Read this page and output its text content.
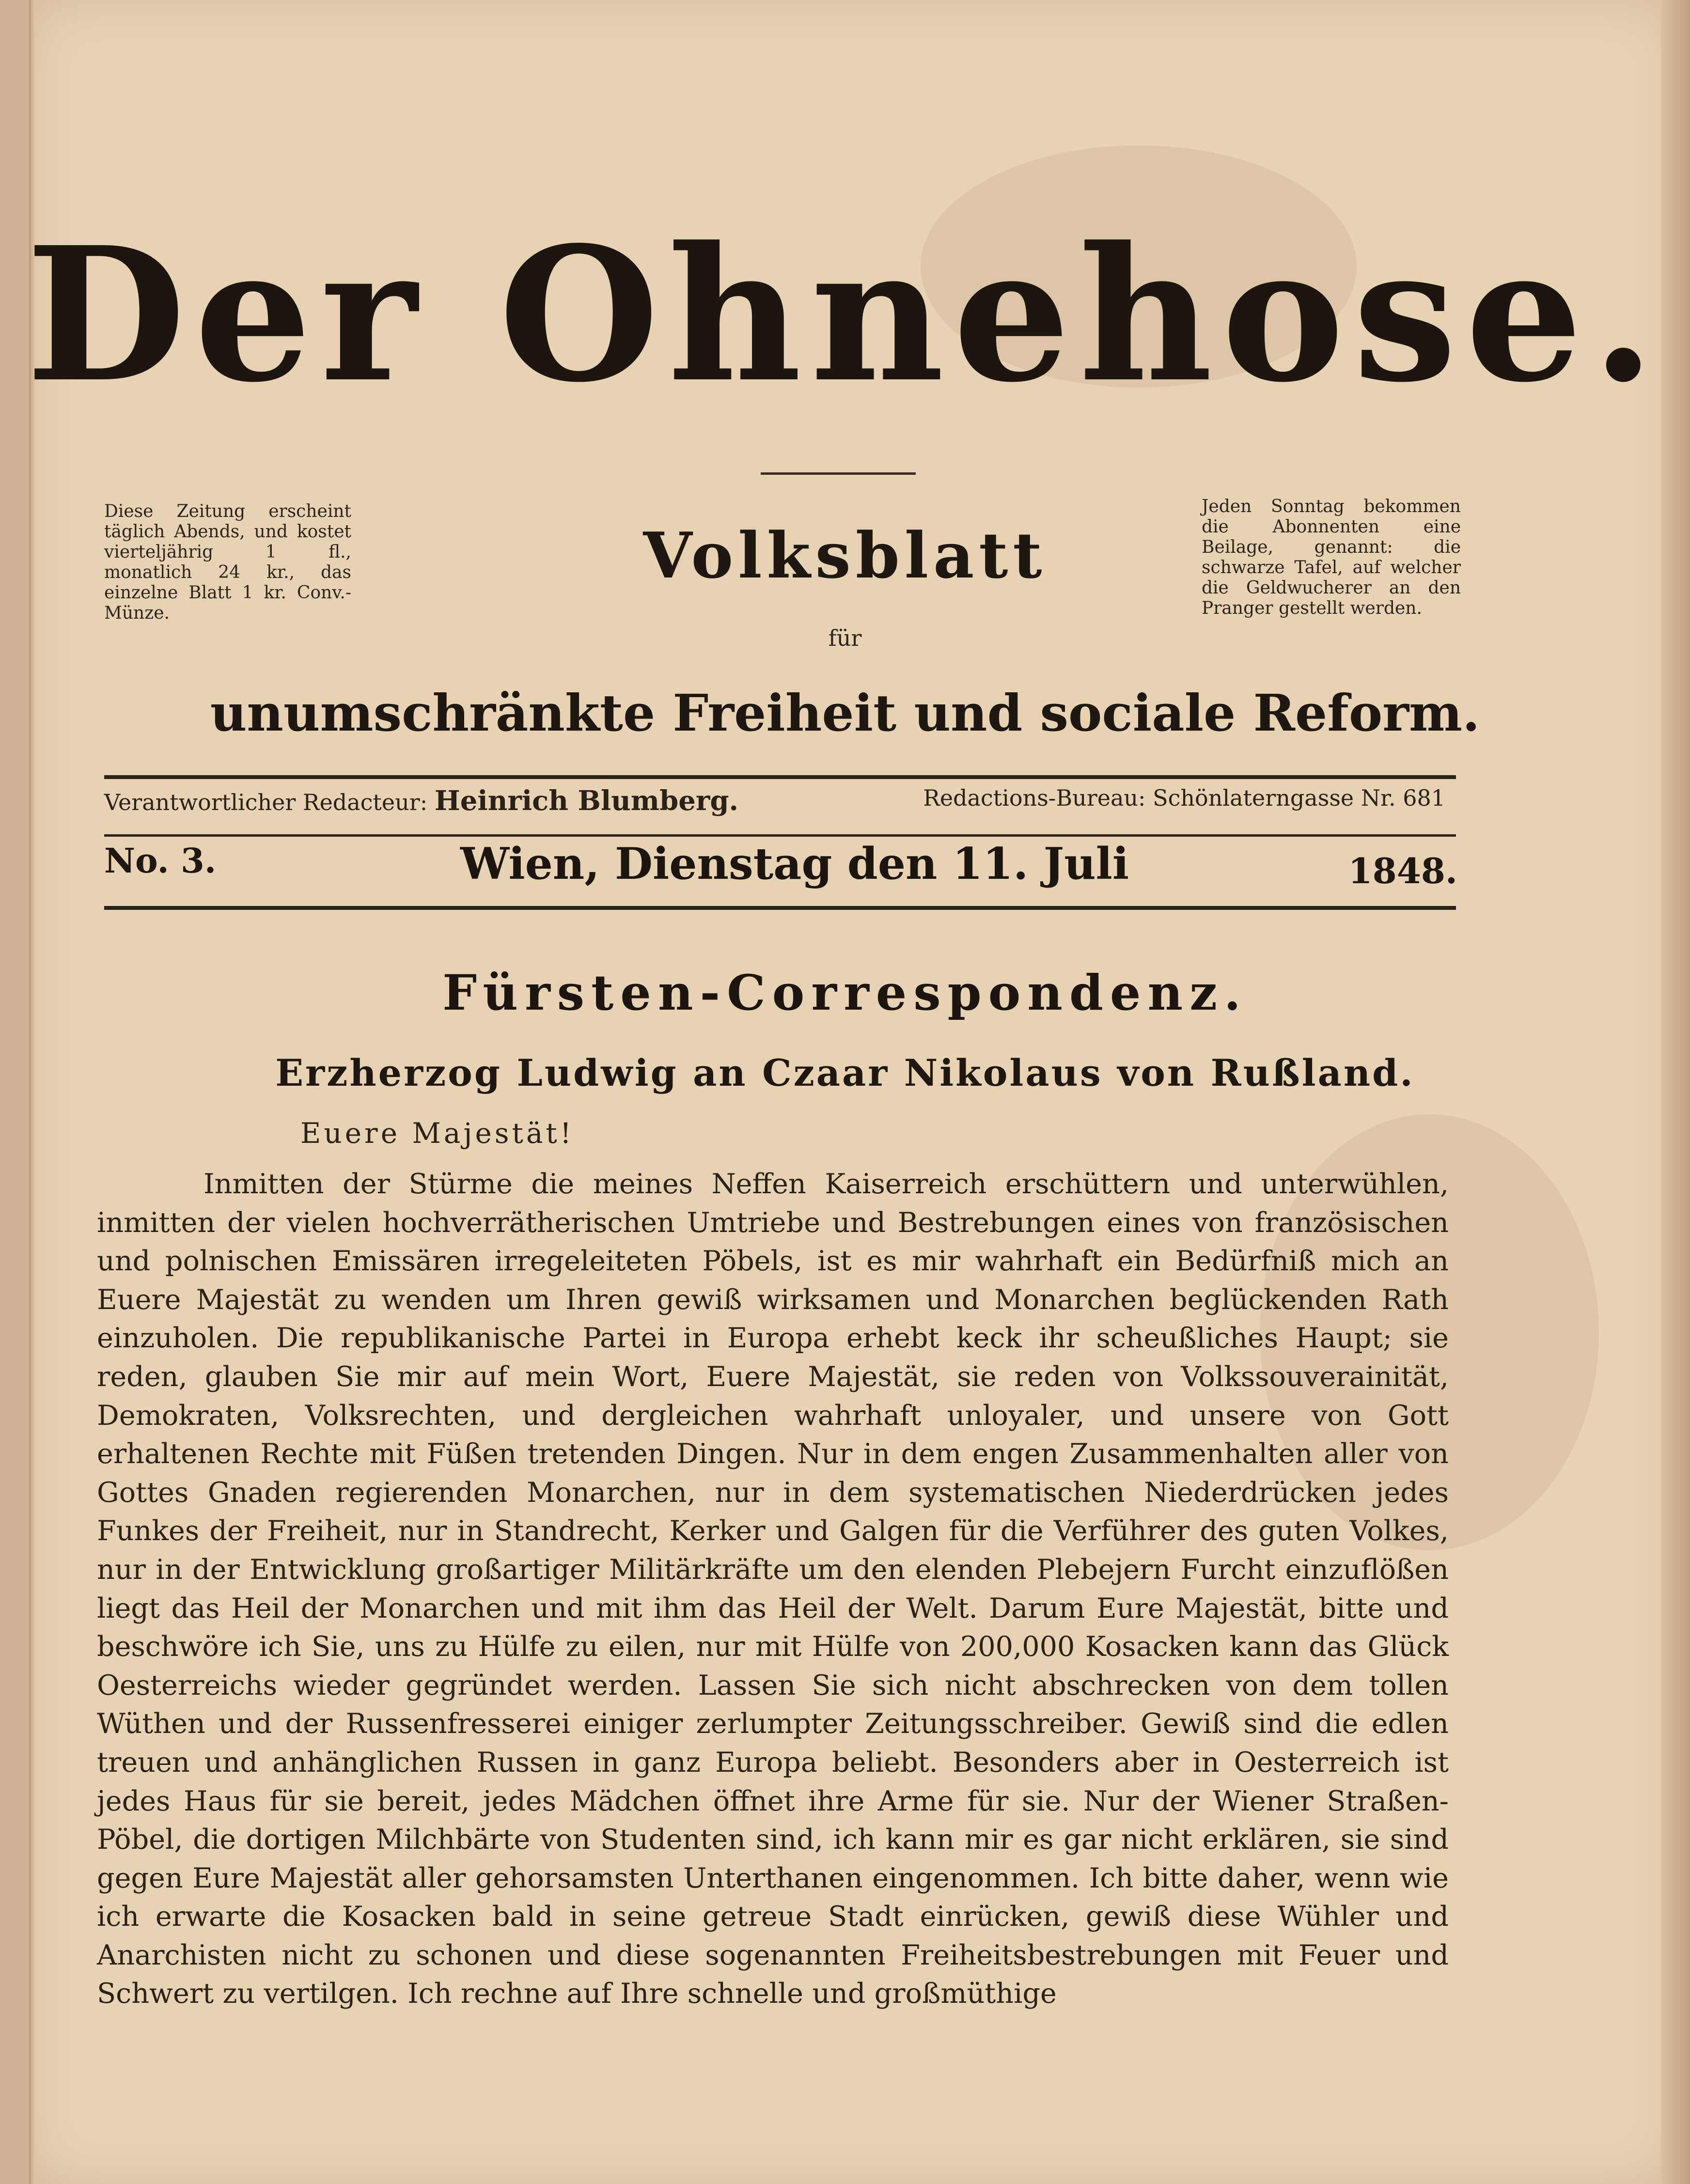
Der Ohnehose.
Diese Zeitung erscheint täglich Abends, und kostet vierteljährig 1 fl., monatlich 24 kr., das einzelne Blatt 1 kr. Conv.-Münze.
Jeden Sonntag bekommen die Abonnenten eine Beilage, genannt: die schwarze Tafel, auf welcher die Geldwucherer an den Pranger gestellt werden.
Volksblatt
für
unumschränkte Freiheit und sociale Reform.
Verantwortlicher Redacteur: Heinrich Blumberg.	Redactions-Bureau: Schönlaterngasse Nr. 681
No. 3.	Wien, Dienstag den 11. Juli	1848.
Fürsten-Correspondenz.
Erzherzog Ludwig an Czaar Nikolaus von Rußland.
Euere Majestät!
Inmitten der Stürme die meines Neffen Kaiserreich erschüttern und unterwühlen, inmitten der vielen hochverrätherischen Umtriebe und Bestrebungen eines von französischen und polnischen Emissären irregeleiteten Pöbels, ist es mir wahrhaft ein Bedürfniß mich an Euere Majestät zu wenden um Ihren gewiß wirksamen und Monarchen beglückenden Rath einzuholen. Die republikanische Partei in Europa erhebt keck ihr scheußliches Haupt; sie reden, glauben Sie mir auf mein Wort, Euere Majestät, sie reden von Volkssouverainität, Demokraten, Volksrechten, und dergleichen wahrhaft unloyaler, und unsere von Gott erhaltenen Rechte mit Füßen tretenden Dingen. Nur in dem engen Zusammenhalten aller von Gottes Gnaden regierenden Monarchen, nur in dem systematischen Niederdrücken jedes Funkes der Freiheit, nur in Standrecht, Kerker und Galgen für die Verführer des guten Volkes, nur in der Entwicklung großartiger Militärkräfte um den elenden Plebejern Furcht einzuflößen liegt das Heil der Monarchen und mit ihm das Heil der Welt. Darum Eure Majestät, bitte und beschwöre ich Sie, uns zu Hülfe zu eilen, nur mit Hülfe von 200,000 Kosacken kann das Glück Oesterreichs wieder gegründet werden. Lassen Sie sich nicht abschrecken von dem tollen Wüthen und der Russenfresserei einiger zerlumpter Zeitungsschreiber. Gewiß sind die edlen treuen und anhänglichen Russen in ganz Europa beliebt. Besonders aber in Oesterreich ist jedes Haus für sie bereit, jedes Mädchen öffnet ihre Arme für sie. Nur der Wiener Straßen-Pöbel, die dortigen Milchbärte von Studenten sind, ich kann mir es gar nicht erklären, sie sind gegen Eure Majestät aller gehorsamsten Unterthanen eingenommen. Ich bitte daher, wenn wie ich erwarte die Kosacken bald in seine getreue Stadt einrücken, gewiß diese Wühler und Anarchisten nicht zu schonen und diese sogenannten Freiheitsbestrebungen mit Feuer und Schwert zu vertilgen. Ich rechne auf Ihre schnelle und großmüthige
